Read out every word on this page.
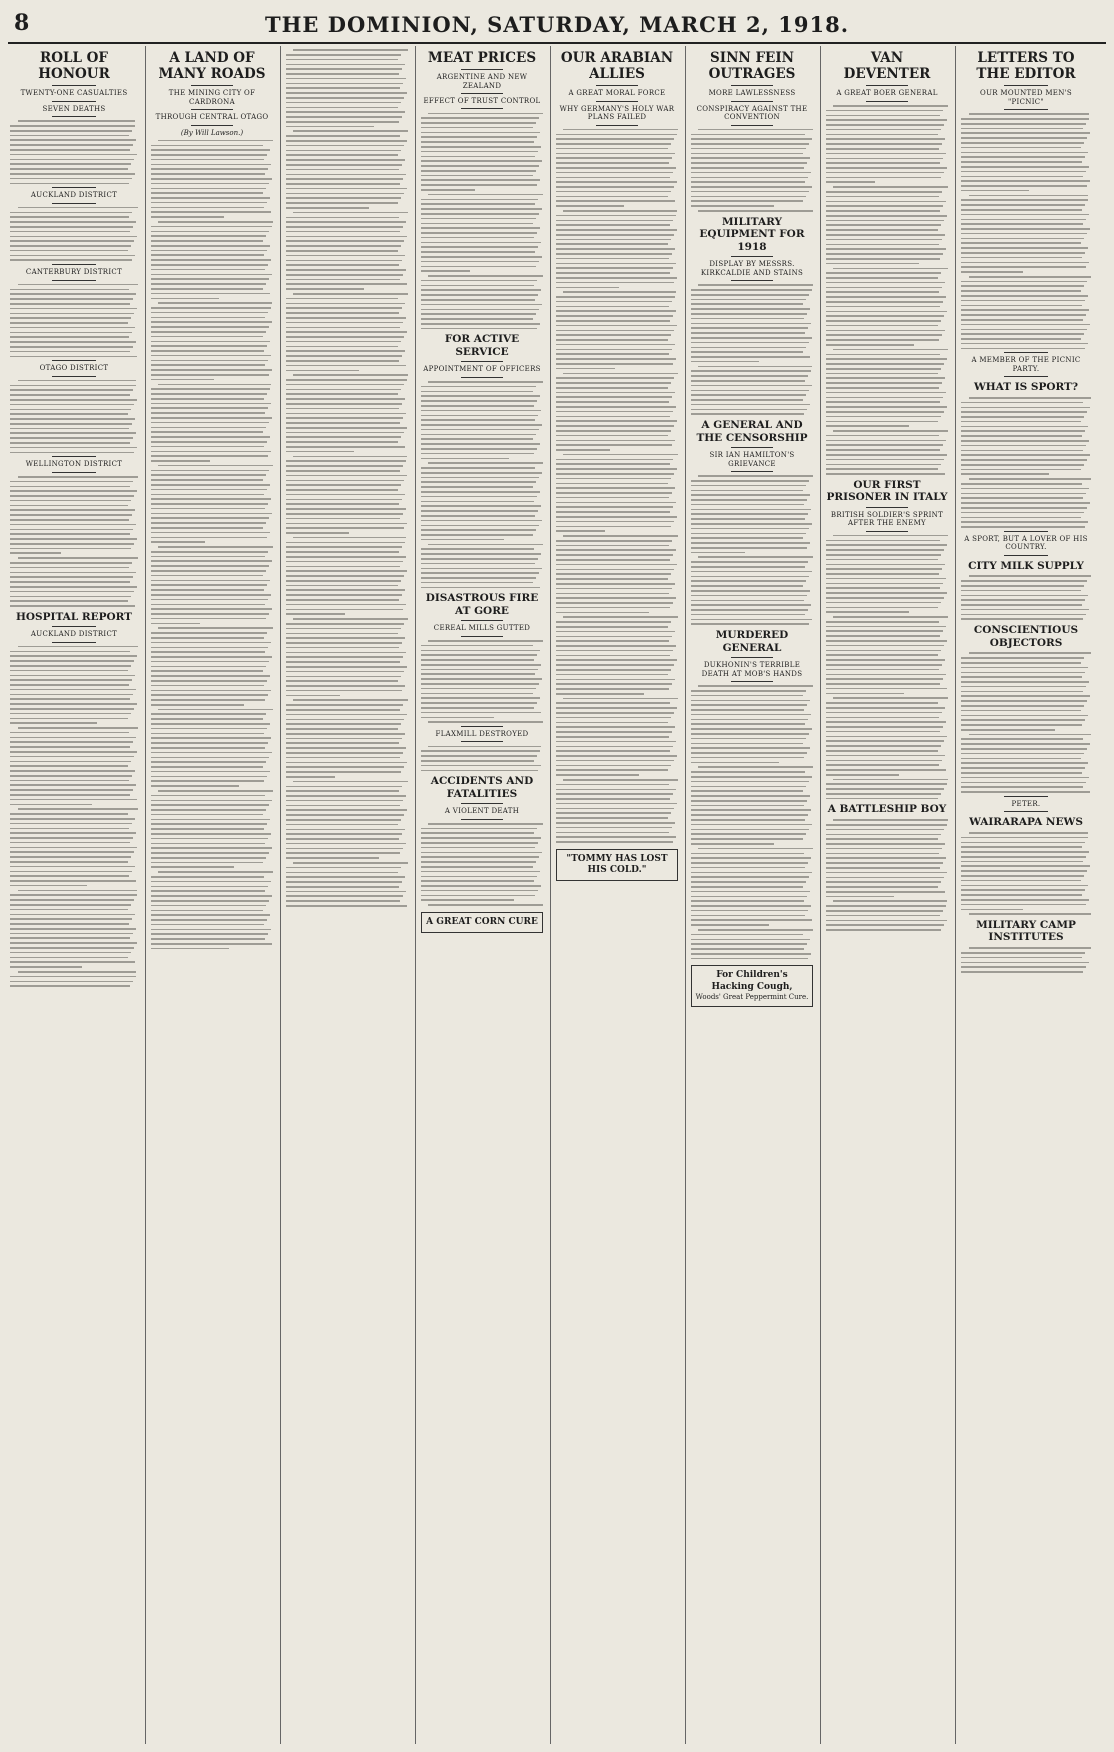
8	THE DOMINION, SATURDAY, MARCH 2, 1918.
ROLL OF HONOUR
TWENTY-ONE CASUALTIES
SEVEN DEATHS
AUCKLAND DISTRICT
CANTERBURY DISTRICT
OTAGO DISTRICT
WELLINGTON DISTRICT
HOSPITAL REPORT
AUCKLAND DISTRICT
A LAND OF MANY ROADS
THE MINING CITY OF CARDRONA
THROUGH CENTRAL OTAGO
(By Will Lawson.)
MEAT PRICES
ARGENTINE AND NEW ZEALAND
EFFECT OF TRUST CONTROL
FOR ACTIVE SERVICE
APPOINTMENT OF OFFICERS
DISASTROUS FIRE AT GORE
CEREAL MILLS GUTTED
FLAXMILL DESTROYED
ACCIDENTS AND FATALITIES
A VIOLENT DEATH
A GREAT CORN CURE
OUR ARABIAN ALLIES
A GREAT MORAL FORCE
WHY GERMANY'S HOLY WAR PLANS FAILED
"TOMMY HAS LOST HIS COLD."
SINN FEIN OUTRAGES
MORE LAWLESSNESS
CONSPIRACY AGAINST THE CONVENTION
MILITARY EQUIPMENT FOR 1918
DISPLAY BY MESSRS. KIRKCALDIE AND STAINS
A GENERAL AND THE CENSORSHIP
SIR IAN HAMILTON'S GRIEVANCE
MURDERED GENERAL
DUKHONIN'S TERRIBLE DEATH AT MOB'S HANDS
For Children's Hacking Cough,
Woods' Great Peppermint Cure.
VAN DEVENTER
A GREAT BOER GENERAL
OUR FIRST PRISONER IN ITALY
BRITISH SOLDIER'S SPRINT AFTER THE ENEMY
A BATTLESHIP BOY
LETTERS TO THE EDITOR
OUR MOUNTED MEN'S "PICNIC"
A MEMBER OF THE PICNIC PARTY.
WHAT IS SPORT?
A SPORT, BUT A LOVER OF HIS COUNTRY.
CITY MILK SUPPLY
CONSCIENTIOUS OBJECTORS
PETER.
WAIRARAPA NEWS
MILITARY CAMP INSTITUTES
